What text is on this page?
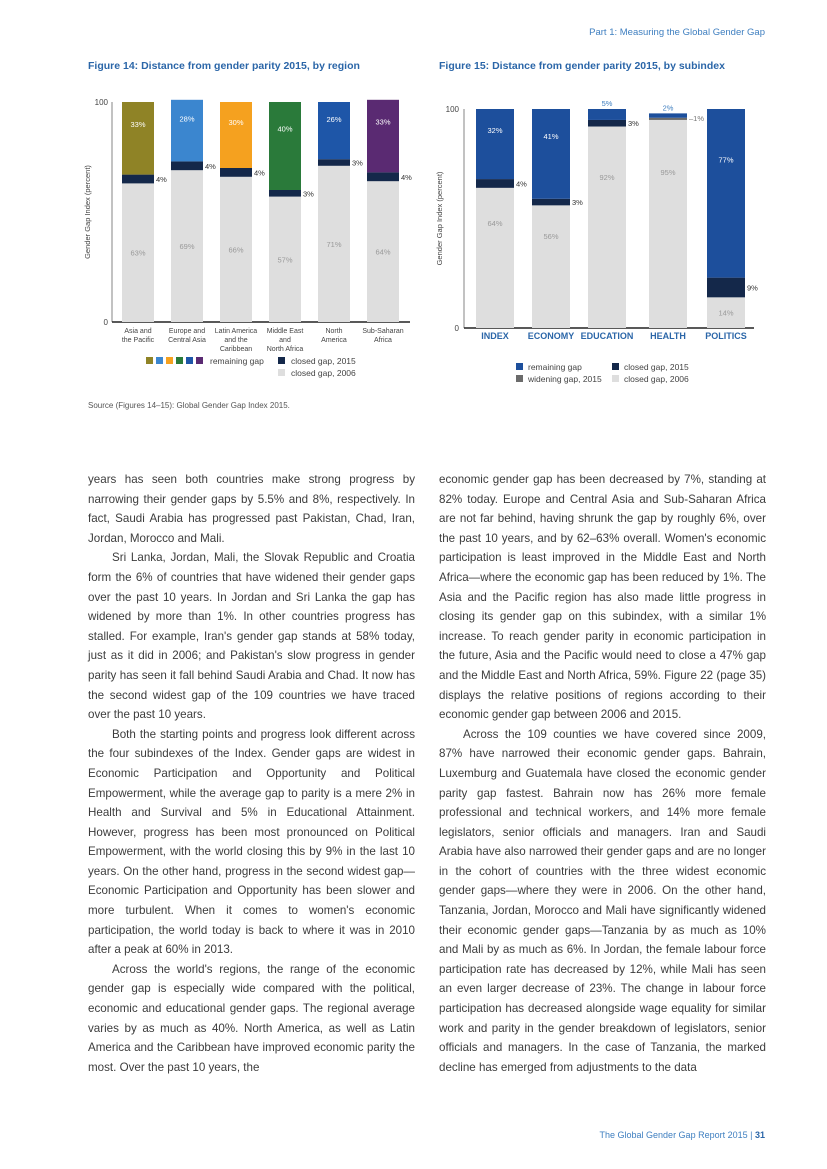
Part 1: Measuring the Global Gender Gap
Figure 14: Distance from gender parity 2015, by region	Figure 15: Distance from gender parity 2015, by subindex
Gender Gap Index (percent)
0
100
63%
4%
33%
Asia and
the Pacific
69%
4%
28%
Europe and
Central Asia
66%
4%
30%
Latin America
and the
Caribbean
57%
3%
40%
Middle East
and
North Africa
71%
3%
26%
North
America
64%
4%
33%
Sub-Saharan
Africa
remaining gap	closed gap, 2015
closed gap, 2006
Gender Gap Index (percent)
0
100
64%
4%
32%
INDEX
56%
3%
41%
ECONOMY
92%
3%
5%
EDUCATION
95%
–1%
2%
HEALTH
14%
9%
77%
POLITICS
remaining gap
widening gap, 2015
closed gap, 2015
closed gap, 2006
Source (Figures 14–15): Global Gender Gap Index 2015.

years has seen both countries make strong progress by narrowing their gender gaps by 5.5% and 8%, respectively. In fact, Saudi Arabia has progressed past Pakistan, Chad, Iran, Jordan, Morocco and Mali.

Sri Lanka, Jordan, Mali, the Slovak Republic and Croatia form the 6% of countries that have widened their gender gaps over the past 10 years. In Jordan and Sri Lanka the gap has widened by more than 1%. In other countries progress has stalled. For example, Iran's gender gap stands at 58% today, just as it did in 2006; and Pakistan's slow progress in gender parity has seen it fall behind Saudi Arabia and Chad. It now has the second widest gap of the 109 countries we have traced over the past 10 years.

Both the starting points and progress look different across the four subindexes of the Index. Gender gaps are widest in Economic Participation and Opportunity and Political Empowerment, while the average gap to parity is a mere 2% in Health and Survival and 5% in Educational Attainment. However, progress has been most pronounced on Political Empowerment, with the world closing this by 9% in the last 10 years. On the other hand, progress in the second widest gap—Economic Participation and Opportunity has been slower and more turbulent. When it comes to women's economic participation, the world today is back to where it was in 2010 after a peak at 60% in 2013.

Across the world's regions, the range of the economic gender gap is especially wide compared with the political, economic and educational gender gaps. The regional average varies by as much as 40%. North America, as well as Latin America and the Caribbean have improved economic parity the most. Over the past 10 years, the

economic gender gap has been decreased by 7%, standing at 82% today. Europe and Central Asia and Sub-Saharan Africa are not far behind, having shrunk the gap by roughly 6%, over the past 10 years, and by 62–63% overall. Women's economic participation is least improved in the Middle East and North Africa—where the economic gap has been reduced by 1%. The Asia and the Pacific region has also made little progress in closing its gender gap on this subindex, with a similar 1% increase. To reach gender parity in economic participation in the future, Asia and the Pacific would need to close a 47% gap and the Middle East and North Africa, 59%. Figure 22 (page 35) displays the relative positions of regions according to their economic gender gap between 2006 and 2015.

Across the 109 counties we have covered since 2009, 87% have narrowed their economic gender gaps. Bahrain, Luxemburg and Guatemala have closed the economic gender parity gap fastest. Bahrain now has 26% more female professional and technical workers, and 14% more female legislators, senior officials and managers. Iran and Saudi Arabia have also narrowed their gender gaps and are no longer in the cohort of countries with the three widest economic gender gaps—where they were in 2006. On the other hand, Tanzania, Jordan, Morocco and Mali have significantly widened their economic gender gaps—Tanzania by as much as 10% and Mali by as much as 6%. In Jordan, the female labour force participation rate has decreased by 12%, while Mali has seen an even larger decrease of 23%. The change in labour force participation has decreased alongside wage equality for similar work and parity in the gender breakdown of legislators, senior officials and managers. In the case of Tanzania, the marked decline has emerged from adjustments to the data

The Global Gender Gap Report 2015 | 31
